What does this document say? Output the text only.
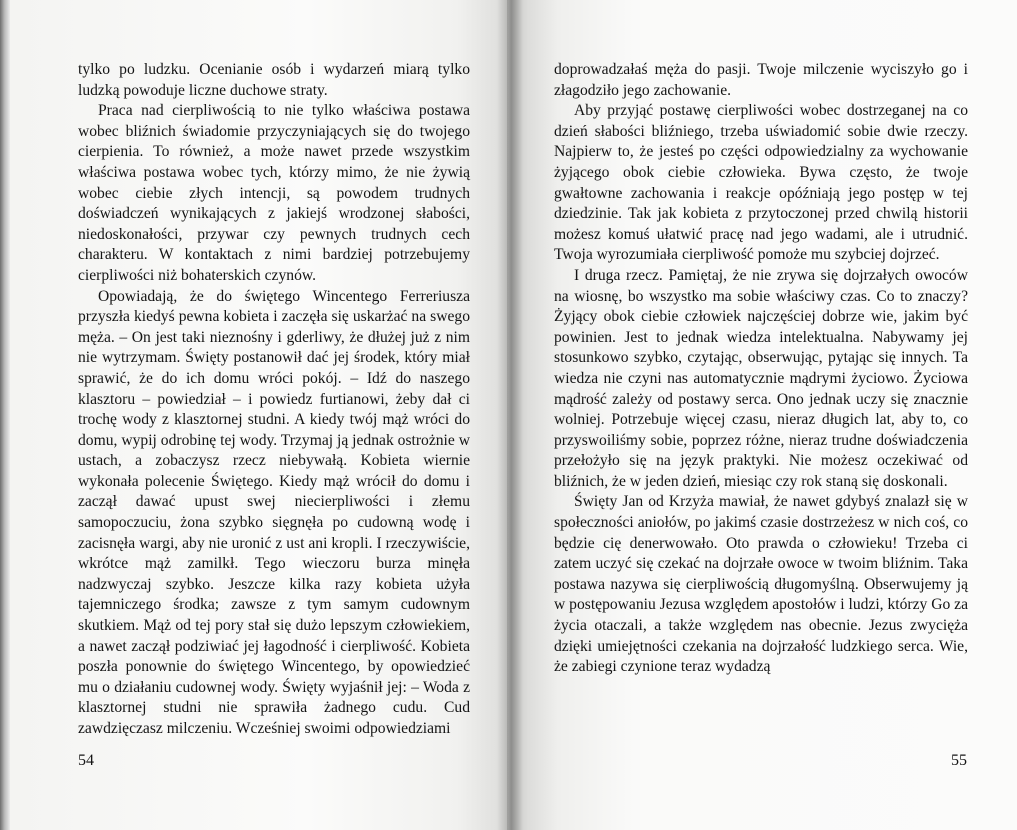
tylko po ludzku. Ocenianie osób i wydarzeń miarą tylko ludzką powoduje liczne duchowe straty.

Praca nad cierpliwością to nie tylko właściwa postawa wobec bliźnich świadomie przyczyniających się do twojego cierpienia. To również, a może nawet przede wszystkim właściwa postawa wobec tych, którzy mimo, że nie żywią wobec ciebie złych intencji, są powodem trudnych doświadczeń wynikających z jakiejś wrodzonej słabości, niedoskonałości, przywar czy pewnych trudnych cech charakteru. W kontaktach z nimi bardziej potrzebujemy cierpliwości niż bohaterskich czynów.

Opowiadają, że do świętego Wincentego Ferreriusza przyszła kiedyś pewna kobieta i zaczęła się uskarżać na swego męża. – On jest taki nieznośny i gderliwy, że dłużej już z nim nie wytrzymam. Święty postanowił dać jej środek, który miał sprawić, że do ich domu wróci pokój. – Idź do naszego klasztoru – powiedział – i powiedz furtianowi, żeby dał ci trochę wody z klasztornej studni. A kiedy twój mąż wróci do domu, wypij odrobinę tej wody. Trzymaj ją jednak ostrożnie w ustach, a zobaczysz rzecz niebywałą. Kobieta wiernie wykonała polecenie Świętego. Kiedy mąż wrócił do domu i zaczął dawać upust swej niecierpliwości i złemu samopoczuciu, żona szybko sięgnęła po cudowną wodę i zacisnęła wargi, aby nie uronić z ust ani kropli. I rzeczywiście, wkrótce mąż zamilkł. Tego wieczoru burza minęła nadzwyczaj szybko. Jeszcze kilka razy kobieta użyła tajemniczego środka; zawsze z tym samym cudownym skutkiem. Mąż od tej pory stał się dużo lepszym człowiekiem, a nawet zaczął podziwiać jej łagodność i cierpliwość. Kobieta poszła ponownie do świętego Wincentego, by opowiedzieć mu o działaniu cudownej wody. Święty wyjaśnił jej: – Woda z klasztornej studni nie sprawiła żadnego cudu. Cud zawdzięczasz milczeniu. Wcześniej swoimi odpowiedziami

54

doprowadzałaś męża do pasji. Twoje milczenie wyciszyło go i złagodziło jego zachowanie.

Aby przyjąć postawę cierpliwości wobec dostrzeganej na co dzień słabości bliźniego, trzeba uświadomić sobie dwie rzeczy. Najpierw to, że jesteś po części odpowiedzialny za wychowanie żyjącego obok ciebie człowieka. Bywa często, że twoje gwałtowne zachowania i reakcje opóźniają jego postęp w tej dziedzinie. Tak jak kobieta z przytoczonej przed chwilą historii możesz komuś ułatwić pracę nad jego wadami, ale i utrudnić. Twoja wyrozumiała cierpliwość pomoże mu szybciej dojrzeć.

I druga rzecz. Pamiętaj, że nie zrywa się dojrzałych owoców na wiosnę, bo wszystko ma sobie właściwy czas. Co to znaczy? Żyjący obok ciebie człowiek najczęściej dobrze wie, jakim być powinien. Jest to jednak wiedza intelektualna. Nabywamy jej stosunkowo szybko, czytając, obserwując, pytając się innych. Ta wiedza nie czyni nas automatycznie mądrymi życiowo. Życiowa mądrość zależy od postawy serca. Ono jednak uczy się znacznie wolniej. Potrzebuje więcej czasu, nieraz długich lat, aby to, co przyswoiliśmy sobie, poprzez różne, nieraz trudne doświadczenia przełożyło się na język praktyki. Nie możesz oczekiwać od bliźnich, że w jeden dzień, miesiąc czy rok staną się doskonali.

Święty Jan od Krzyża mawiał, że nawet gdybyś znalazł się w społeczności aniołów, po jakimś czasie dostrzeżesz w nich coś, co będzie cię denerwowało. Oto prawda o człowieku! Trzeba ci zatem uczyć się czekać na dojrzałe owoce w twoim bliźnim. Taka postawa nazywa się cierpliwością długomyślną. Obserwujemy ją w postępowaniu Jezusa względem apostołów i ludzi, którzy Go za życia otaczali, a także względem nas obecnie. Jezus zwycięża dzięki umiejętności czekania na dojrzałość ludzkiego serca. Wie, że zabiegi czynione teraz wydadzą

55
